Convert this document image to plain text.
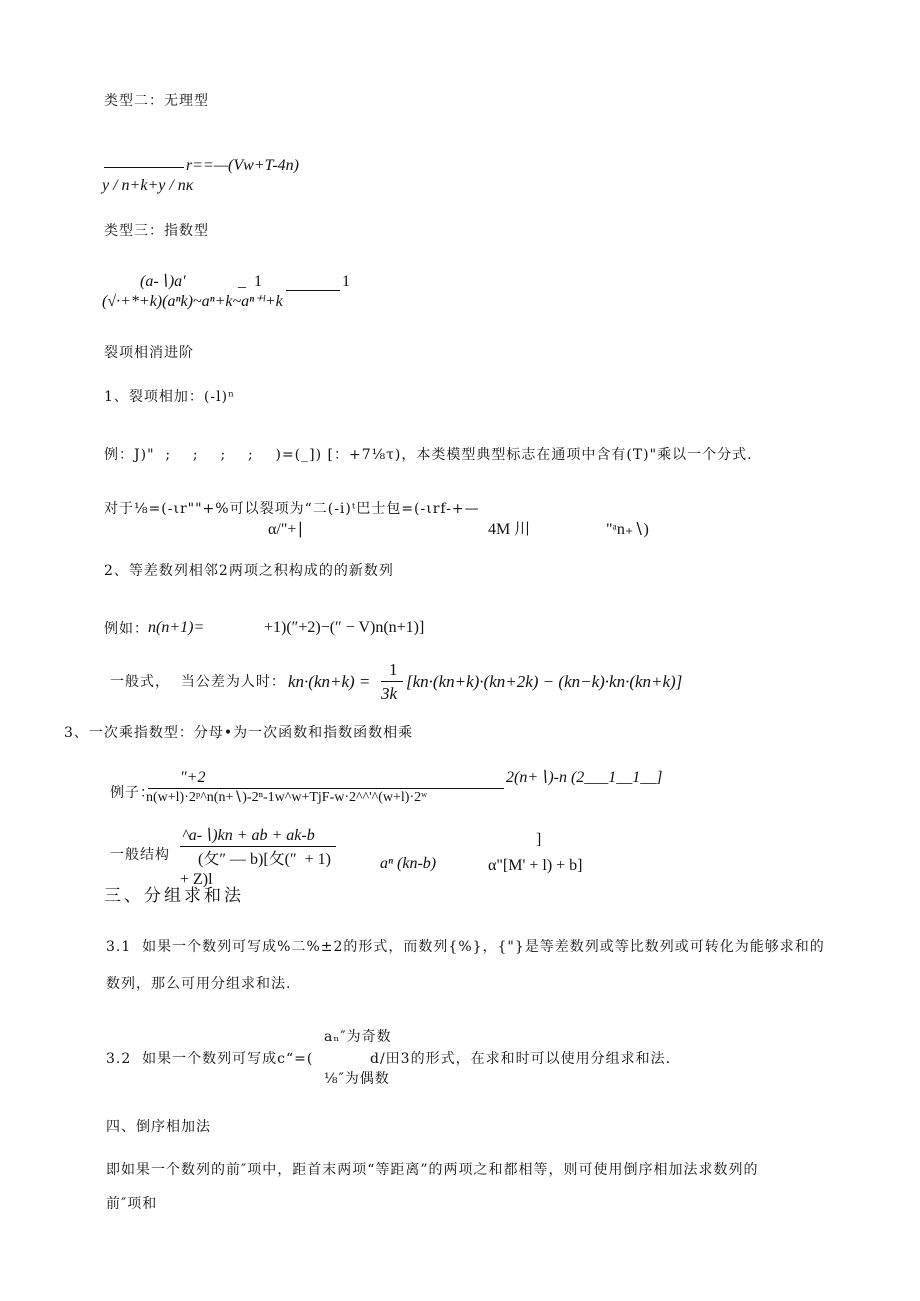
类型二：无理型
r==—(Vw+T-4n)
y / n+k+y / nκ
类型三：指数型
(a-∖)a′	_  1	1
(√·+*+k)(aⁿk)~aⁿ+k~aⁿ⁺ˡ+k
裂项相消进阶
1、裂项相加：(-l)ⁿ
例：J)"  ;    ;    ;    ;    )=(_]) [：+7⅛τ)，本类模型典型标志在通项中含有(T)"乘以一个分式.
对于⅛=(-ιr""+%可以裂项为“二(-i)ᵗ巴士包=(-ιrf-+—
α/"+∣	4M 川	"ᵃn₊∖)
2、等差数列相邻2两项之积构成的的新数列
例如： n(n+1)=	+1)(″+2)−(″ − V)n(n+1)]
一般式，  当公差为人时： kn·(kn+k) =
1
3k
[kn·(kn+k)·(kn+2k) − (kn−k)·kn·(kn+k)]
3、一次乘指数型：分母•为一次函数和指数函数相乘
例子：
″+2	2(n+∖)-n (2___1__1__]
n(w+l)·2ᵖ^n(n+∖)-2ⁿ-1w^w+TjF-w·2^^'^(w+l)·2ʷ
一般结构
^a-∖)kn + ab + ak-b
(攵″ — b)[攵(″  + 1)
+ Z)l
aⁿ (kn-b)
]
α"[M' + l) + b]
三、分组求和法
3.1  如果一个数列可写成%二%±2的形式，而数列{%}，{"}是等差数列或等比数列或可转化为能够求和的
数列，那么可用分组求和法.
aₙ″为奇数
3.2  如果一个数列可写成c“=(	d/田3的形式，在求和时可以使用分组求和法.
⅛″为偶数
四、倒序相加法
即如果一个数列的前″项中，距首末两项“等距离”的两项之和都相等，则可使用倒序相加法求数列的
前″项和
